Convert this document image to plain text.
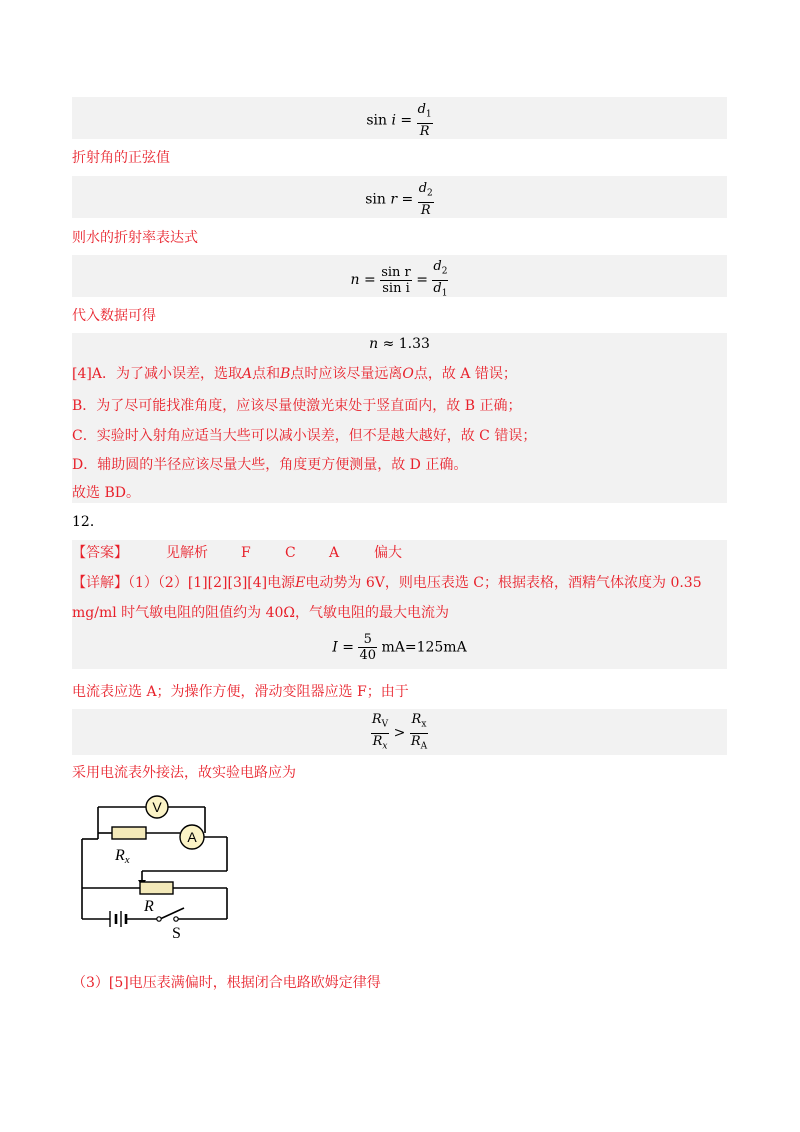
$\sin i = \frac{d_1}{R}$
折射角的正弦值
$\sin r = \frac{d_2}{R}$
则水的折射率表达式
$n = \frac{\text{sin r}}{\text{sin i}} = \frac{d_2}{d_1}$
代入数据可得
n ≈ 1.33
[4]A．为了减小误差，选取A点和B点时应该尽量远离O点，故 A 错误；
B．为了尽可能找准角度，应该尽量使激光束处于竖直面内，故 B 正确；
C．实验时入射角应适当大些可以减小误差，但不是越大越好，故 C 错误；
D．辅助圆的半径应该尽量大些，角度更方便测量，故 D 正确。
故选 BD。
12．
【答案】	见解析 F C A 偏大
【详解】（1）（2）[1][2][3][4]电源E电动势为 6V，则电压表选 C；根据表格，酒精气体浓度为 0.35
mg/ml 时气敏电阻的阻值约为 40Ω，气敏电阻的最大电流为
$I = \frac{5}{40} mA=125mA$
电流表应选 A；为操作方便，滑动变阻器应选 F；由于
$\frac{R_V}{R_x} > \frac{R_x}{R_A}$
采用电流表外接法，故实验电路应为
V
A
Rx
R
S
（3）[5]电压表满偏时，根据闭合电路欧姆定律得
